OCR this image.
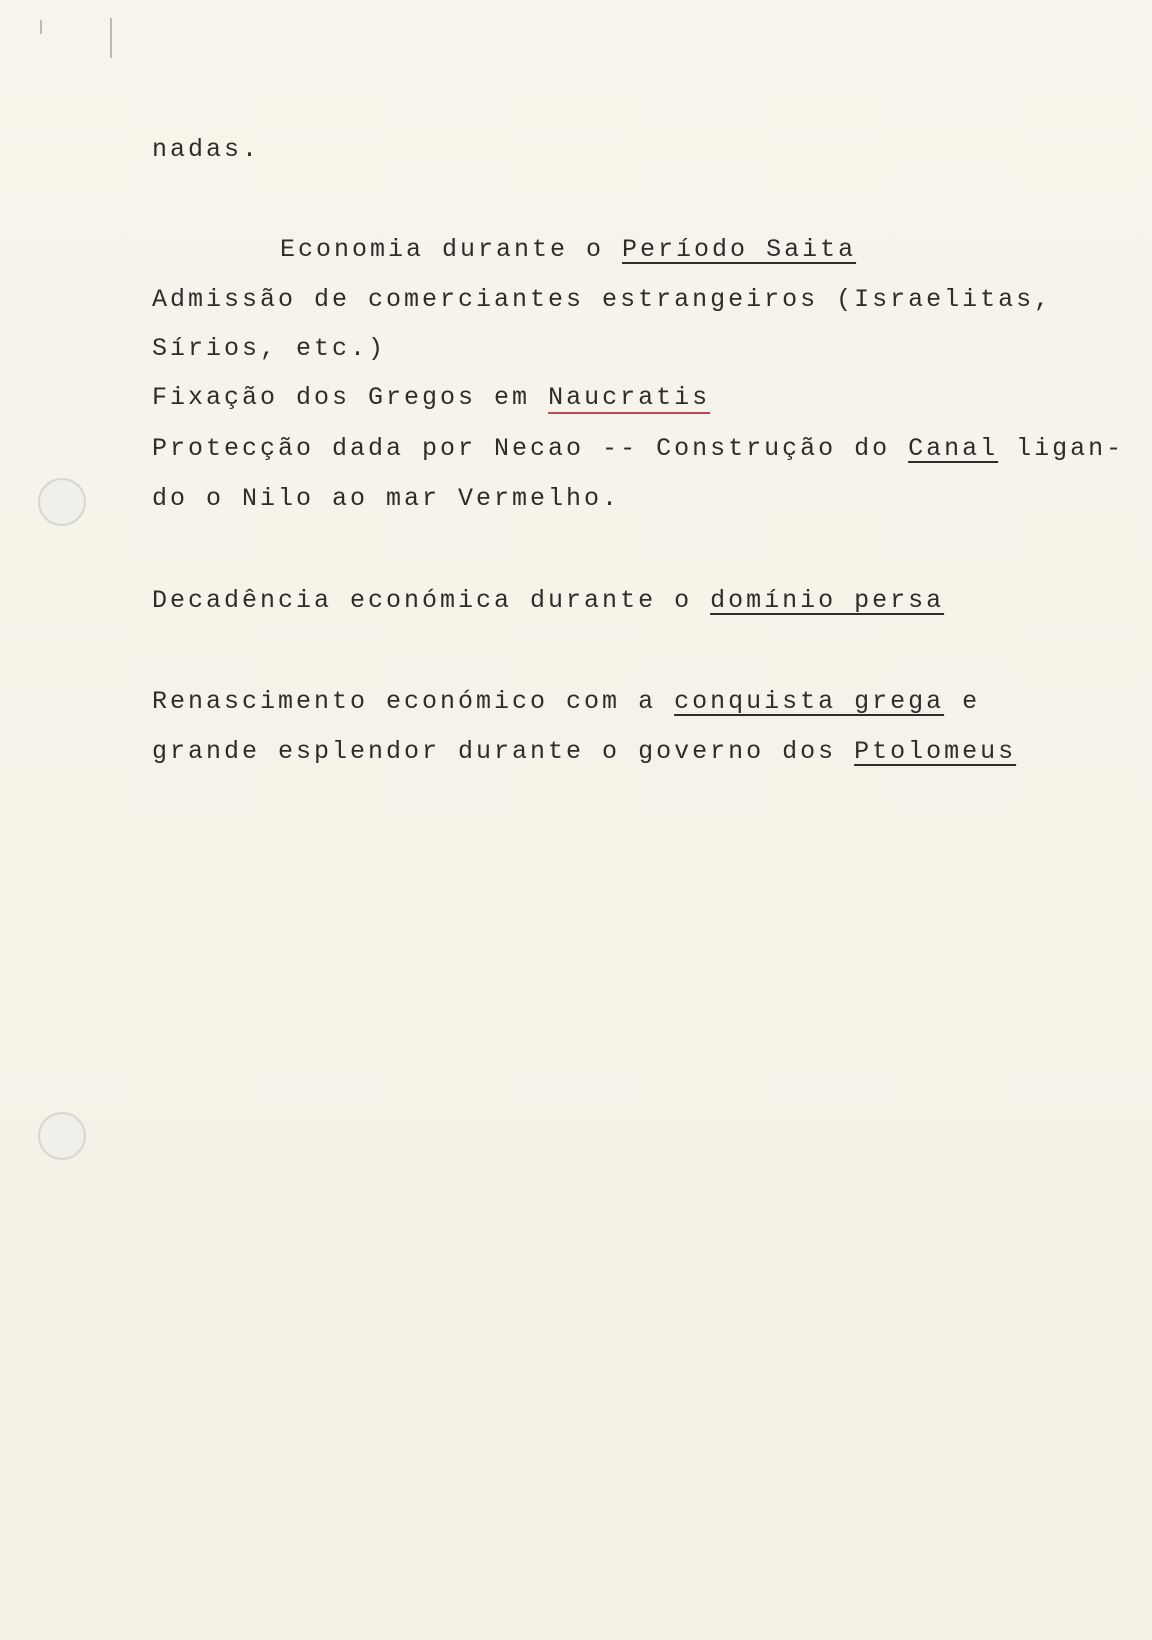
nadas.
Economia durante o Período Saita
Admissão de comerciantes estrangeiros (Israelitas,
Sírios, etc.)
Fixação dos Gregos em Naucratis
Protecção dada por Necao -- Construção do Canal ligan-
do o Nilo ao mar Vermelho.
Decadência económica durante o domínio persa
Renascimento económico com a conquista grega e
grande esplendor durante o governo dos Ptolomeus
